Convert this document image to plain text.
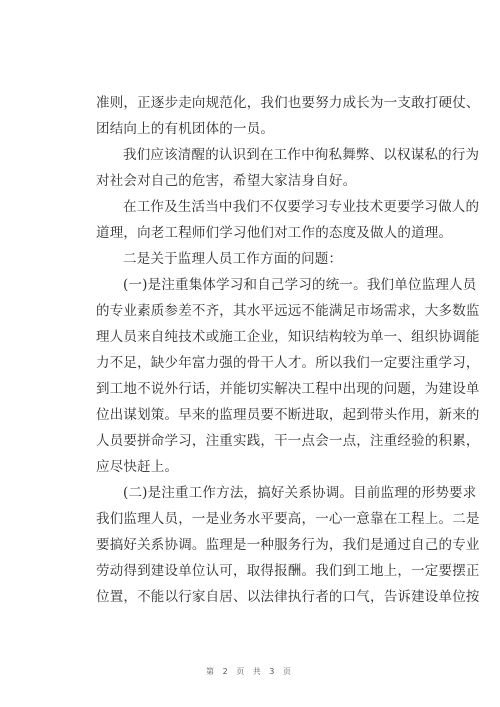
准则，正逐步走向规范化，我们也要努力成长为一支敢打硬仗、
团结向上的有机团体的一员。
我们应该清醒的认识到在工作中徇私舞弊、以权谋私的行为
对社会对自己的危害，希望大家洁身自好。
在工作及生活当中我们不仅要学习专业技术更要学习做人的
道理，向老工程师们学习他们对工作的态度及做人的道理。
二是关于监理人员工作方面的问题：
(一)是注重集体学习和自己学习的统一。我们单位监理人员
的专业素质参差不齐，其水平远远不能满足市场需求，大多数监
理人员来自纯技术或施工企业，知识结构较为单一、组织协调能
力不足，缺少年富力强的骨干人才。所以我们一定要注重学习，
到工地不说外行话，并能切实解决工程中出现的问题，为建设单
位出谋划策。早来的监理员要不断进取，起到带头作用，新来的
人员要拼命学习，注重实践，干一点会一点，注重经验的积累，
应尽快赶上。
(二)是注重工作方法，搞好关系协调。目前监理的形势要求
我们监理人员，一是业务水平要高，一心一意靠在工程上。二是
要搞好关系协调。监理是一种服务行为，我们是通过自己的专业
劳动得到建设单位认可，取得报酬。我们到工地上，一定要摆正
位置，不能以行家自居、以法律执行者的口气，告诉建设单位按
第 2 页 共 3 页
